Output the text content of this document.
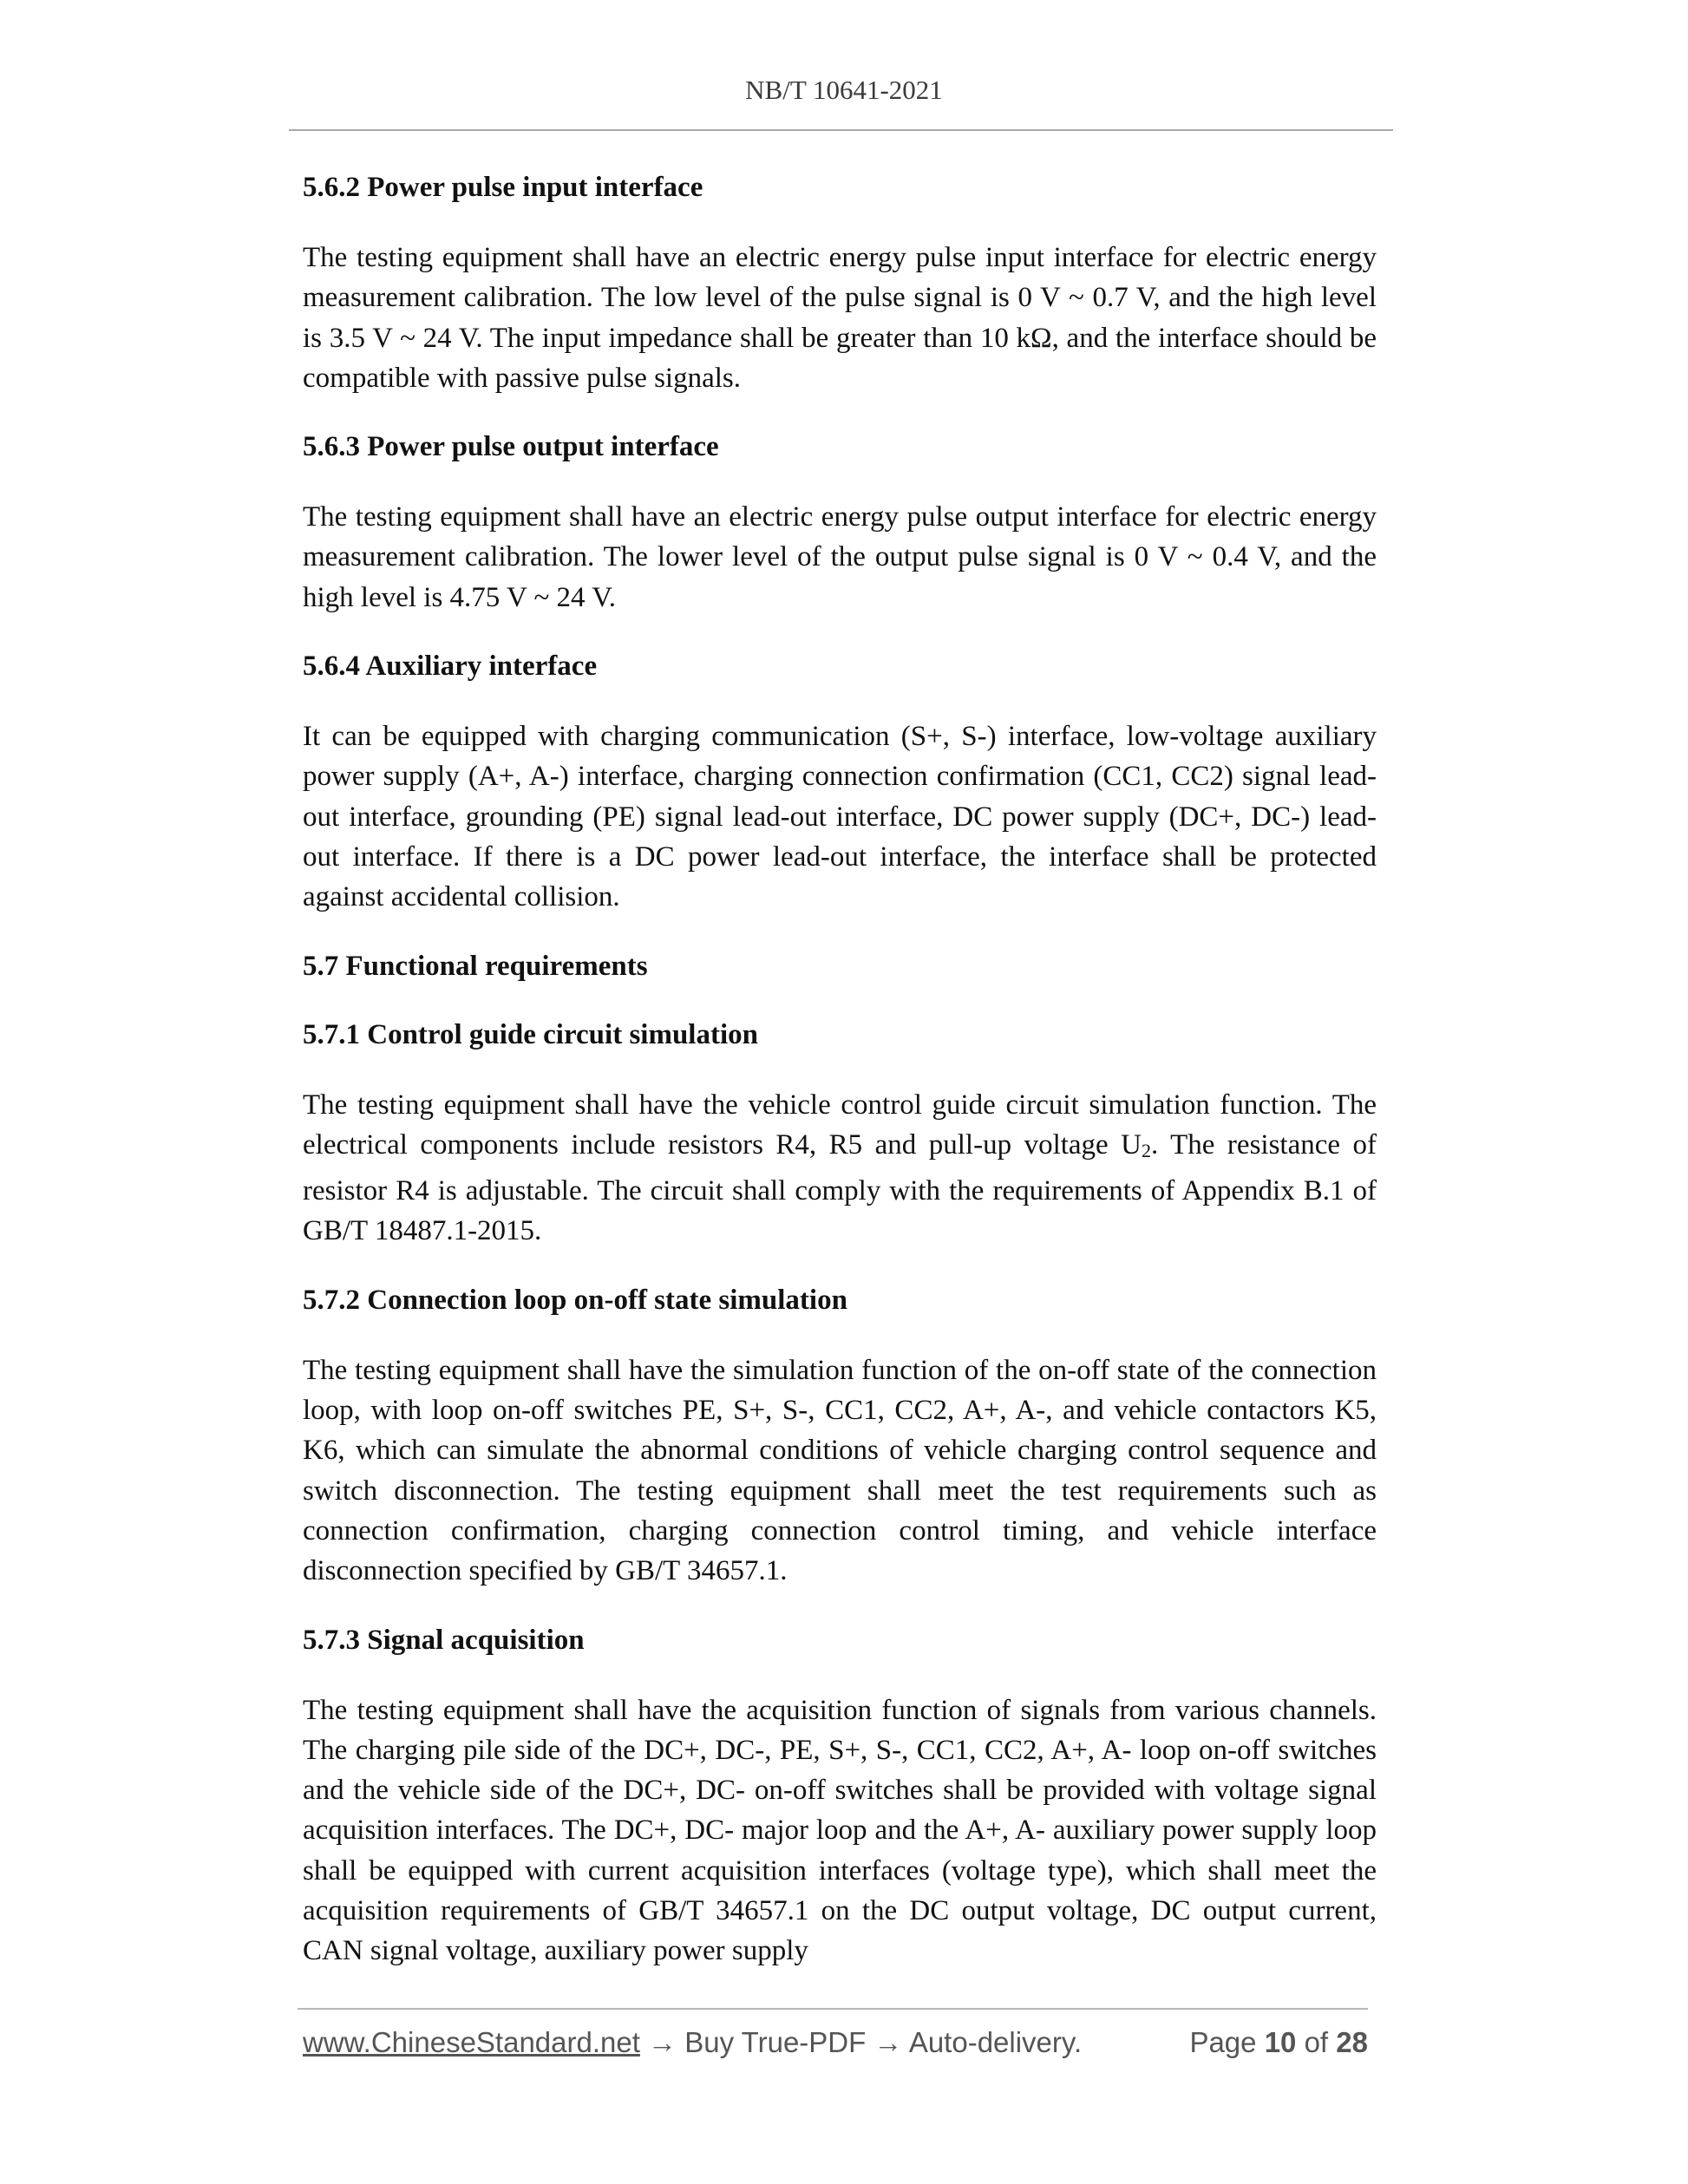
NB/T 10641-2021
5.6.2 Power pulse input interface

The testing equipment shall have an electric energy pulse input interface for electric energy measurement calibration. The low level of the pulse signal is 0 V ~ 0.7 V, and the high level is 3.5 V ~ 24 V. The input impedance shall be greater than 10 kΩ, and the interface should be compatible with passive pulse signals.

5.6.3 Power pulse output interface

The testing equipment shall have an electric energy pulse output interface for electric energy measurement calibration. The lower level of the output pulse signal is 0 V ~ 0.4 V, and the high level is 4.75 V ~ 24 V.

5.6.4 Auxiliary interface

It can be equipped with charging communication (S+, S-) interface, low-voltage auxiliary power supply (A+, A-) interface, charging connection confirmation (CC1, CC2) signal lead-out interface, grounding (PE) signal lead-out interface, DC power supply (DC+, DC-) lead-out interface. If there is a DC power lead-out interface, the interface shall be protected against accidental collision.

5.7 Functional requirements
5.7.1 Control guide circuit simulation

The testing equipment shall have the vehicle control guide circuit simulation function. The electrical components include resistors R4, R5 and pull-up voltage U2. The resistance of resistor R4 is adjustable. The circuit shall comply with the requirements of Appendix B.1 of GB/T 18487.1-2015.

5.7.2 Connection loop on-off state simulation

The testing equipment shall have the simulation function of the on-off state of the connection loop, with loop on-off switches PE, S+, S-, CC1, CC2, A+, A-, and vehicle contactors K5, K6, which can simulate the abnormal conditions of vehicle charging control sequence and switch disconnection. The testing equipment shall meet the test requirements such as connection confirmation, charging connection control timing, and vehicle interface disconnection specified by GB/T 34657.1.

5.7.3 Signal acquisition

The testing equipment shall have the acquisition function of signals from various channels. The charging pile side of the DC+, DC-, PE, S+, S-, CC1, CC2, A+, A- loop on-off switches and the vehicle side of the DC+, DC- on-off switches shall be provided with voltage signal acquisition interfaces. The DC+, DC- major loop and the A+, A- auxiliary power supply loop shall be equipped with current acquisition interfaces (voltage type), which shall meet the acquisition requirements of GB/T 34657.1 on the DC output voltage, DC output current, CAN signal voltage, auxiliary power supply

www.ChineseStandard.net → Buy True-PDF → Auto-delivery.	Page 10 of 28
